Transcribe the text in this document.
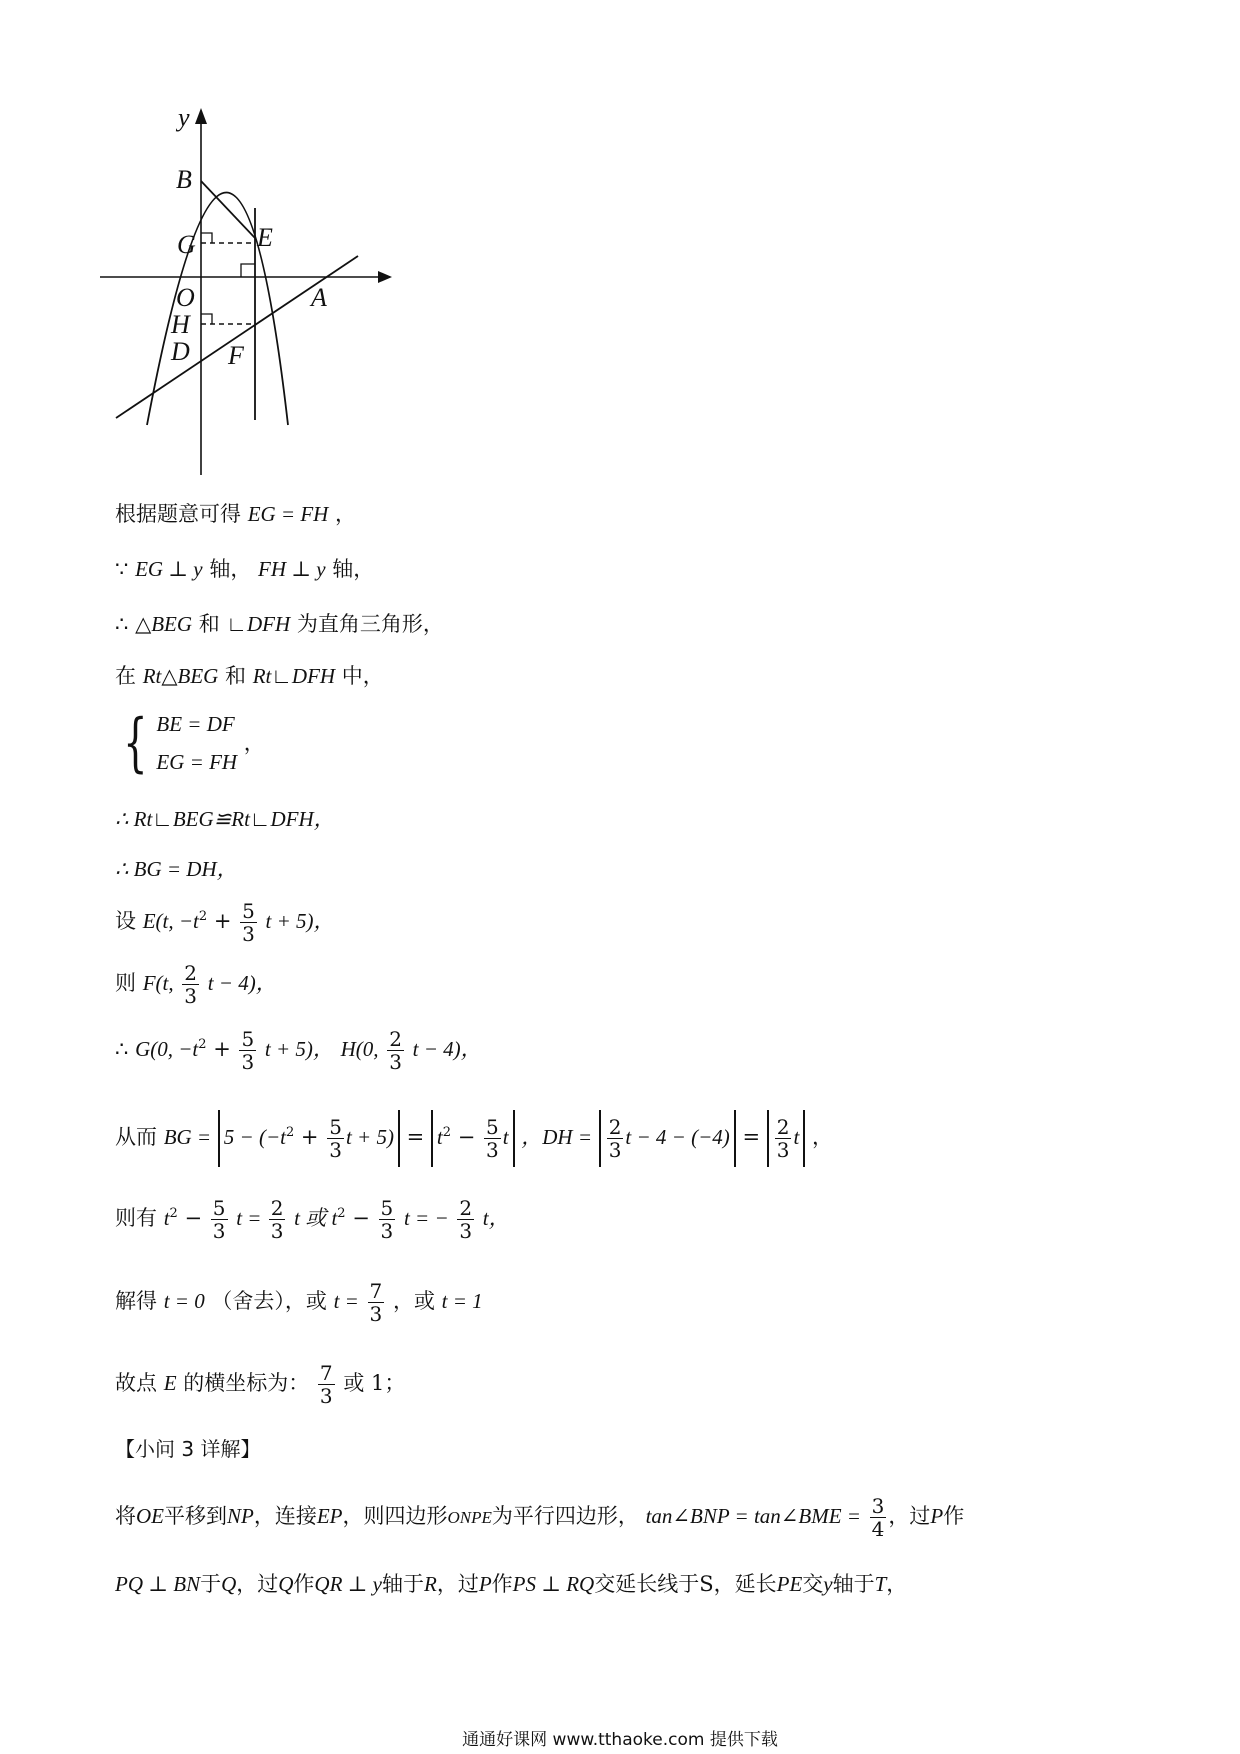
y
B
G E
O
H
D F
A
根据题意可得 EG = FH ，
∵ EG ⊥ y 轴， FH ⊥ y 轴，
∴ △BEG 和 ∟DFH 为直角三角形，
在 Rt△BEG 和 Rt∟DFH 中，
{ BE = DF
EG = FH
，
∴ Rt∟BEG≌Rt∟DFH，
∴ BG = DH，
设 E(t, $-t^2 + \frac{5}{3}$ t + 5)，
则 F(t, $\frac{2}{3}$ t − 4)，
∴ G(0, $-t^2 + \frac{5}{3}$ t + 5)， H(0, $\frac{2}{3}$ t − 4)，
从而 BG = $5 - (-t^2 + \frac{5}{3}$ $t + 5) = t^2 - \frac{5}{3}$ t ，DH = $\frac{2}{3}$ $t - 4 - (-4) = \frac{2}{3}$ t ，
则有 $t^2 - \frac{5}{3}$ $t = \frac{2}{3}$ t 或 $t^2 - \frac{5}{3}$ t = − $\frac{2}{3}$ t，
解得 t = 0 （舍去），或 $t = \frac{7}{3}$ ，或 t = 1
故点 E 的横坐标为： $\frac{7}{3}$ 或 1；
【小问 3 详解】
将OE平移到NP，连接EP，则四边形ONPE为平行四边形， tan∠BNP = tan∠BME = $\frac{3}{4}$ ，过P作
PQ ⊥ BN于Q，过Q作QR ⊥ y轴于R，过P作PS ⊥ RQ交延长线于S，延长PE交y轴于T，
通通好课网 www.tthaoke.com 提供下载
